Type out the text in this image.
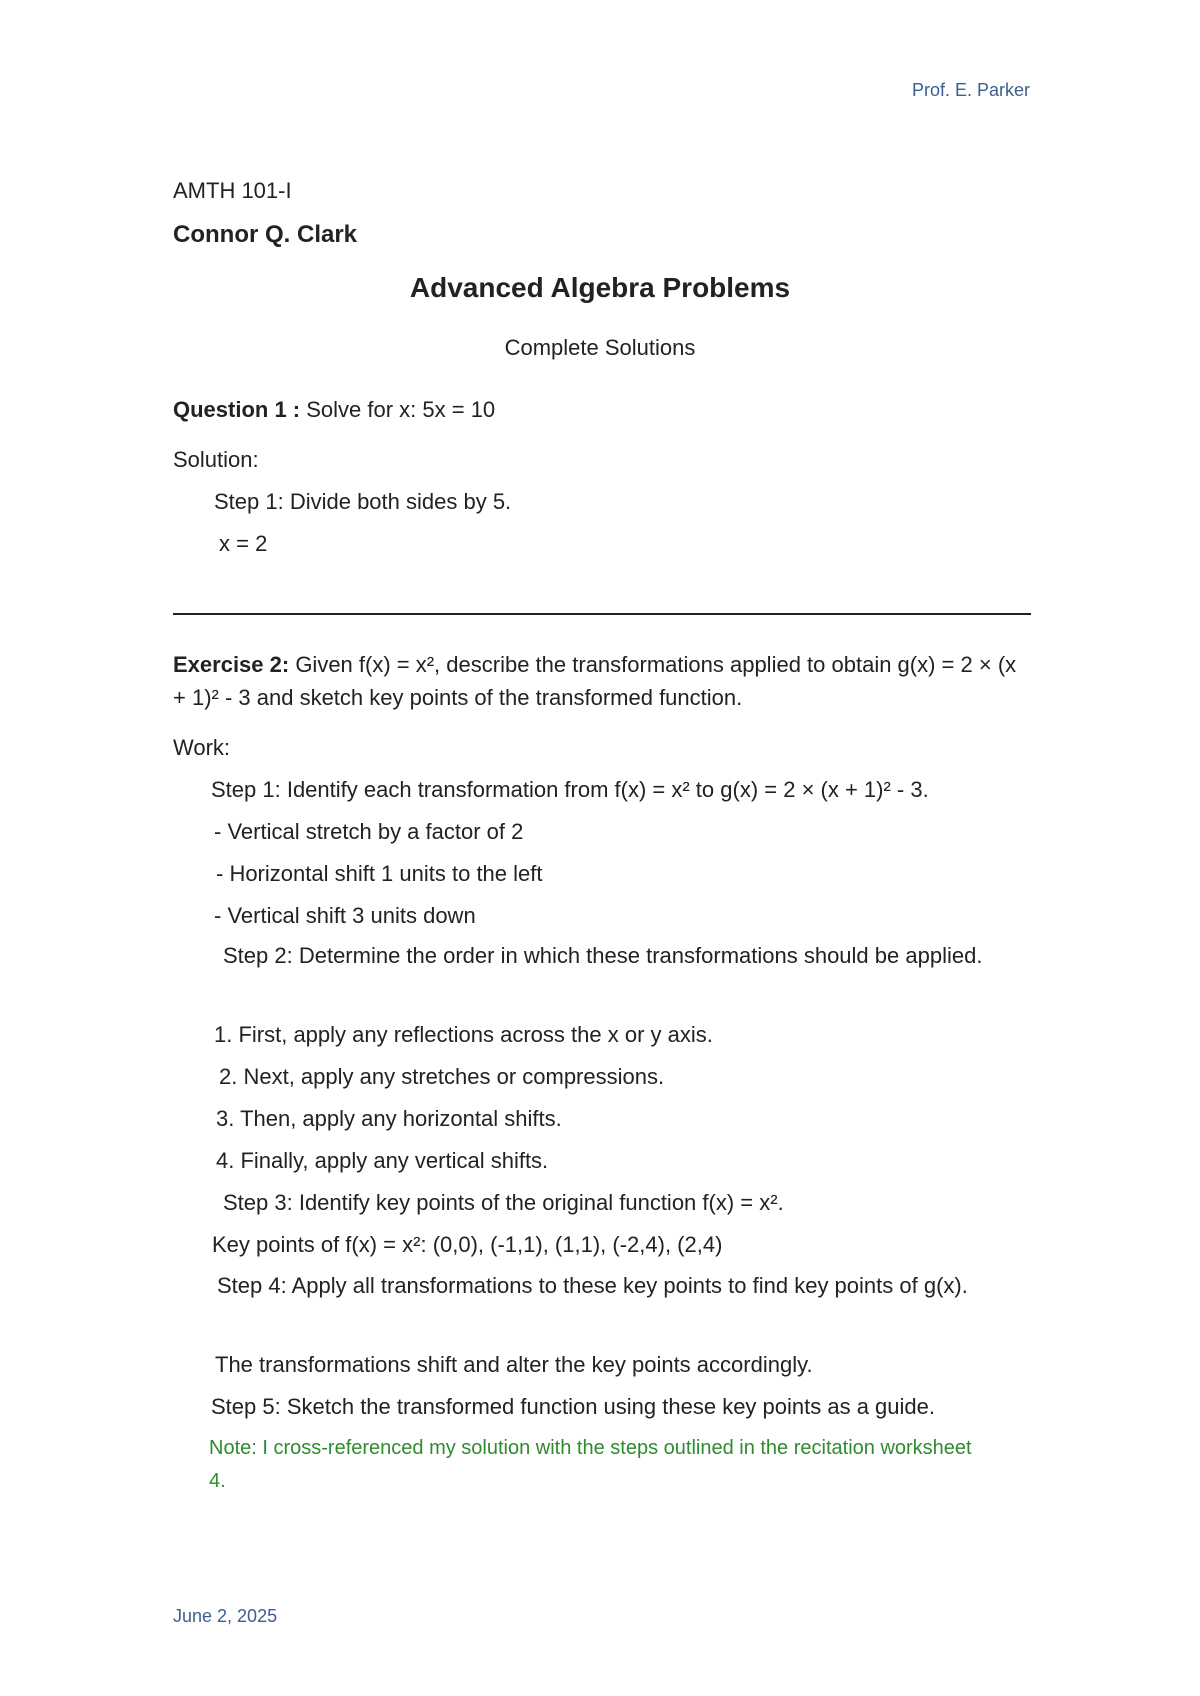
Prof. E. Parker
AMTH 101-I
Connor Q. Clark
Advanced Algebra Problems
Complete Solutions
Question 1 : Solve for x: 5x = 10
Solution:
Step 1: Divide both sides by 5.
x = 2
Exercise 2: Given f(x) = x², describe the transformations applied to obtain g(x) = 2 × (x + 1)² - 3 and sketch key points of the transformed function.
Work:
Step 1: Identify each transformation from f(x) = x² to g(x) = 2 × (x + 1)² - 3.
- Vertical stretch by a factor of 2
- Horizontal shift 1 units to the left
- Vertical shift 3 units down
Step 2: Determine the order in which these transformations should be applied.
1. First, apply any reflections across the x or y axis.
2. Next, apply any stretches or compressions.
3. Then, apply any horizontal shifts.
4. Finally, apply any vertical shifts.
Step 3: Identify key points of the original function f(x) = x².
Key points of f(x) = x²: (0,0), (-1,1), (1,1), (-2,4), (2,4)
Step 4: Apply all transformations to these key points to find key points of g(x).
The transformations shift and alter the key points accordingly.
Step 5: Sketch the transformed function using these key points as a guide.
Note: I cross-referenced my solution with the steps outlined in the recitation worksheet 4.
June 2, 2025
